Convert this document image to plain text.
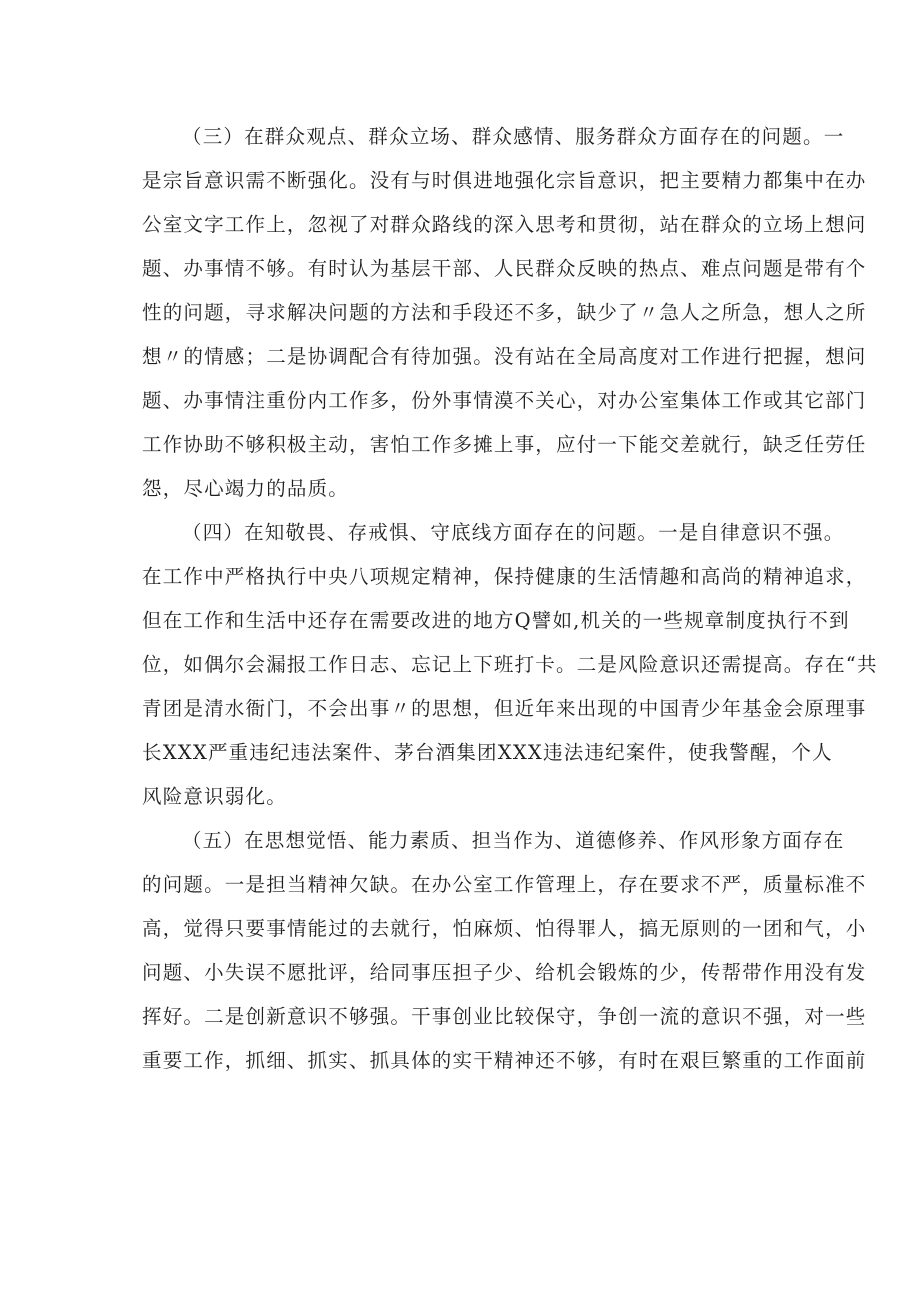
（三）在群众观点、群众立场、群众感情、服务群众方面存在的问题。一
是宗旨意识需不断强化。没有与时俱进地强化宗旨意识，把主要精力都集中在办
公室文字工作上，忽视了对群众路线的深入思考和贯彻，站在群众的立场上想问
题、办事情不够。有时认为基层干部、人民群众反映的热点、难点问题是带有个
性的问题，寻求解决问题的方法和手段还不多，缺少了〃急人之所急，想人之所
想〃的情感；二是协调配合有待加强。没有站在全局高度对工作进行把握，想问
题、办事情注重份内工作多，份外事情漠不关心，对办公室集体工作或其它部门
工作协助不够积极主动，害怕工作多摊上事，应付一下能交差就行，缺乏任劳任
怨，尽心竭力的品质。
（四）在知敬畏、存戒惧、守底线方面存在的问题。一是自律意识不强。
在工作中严格执行中央八项规定精神，保持健康的生活情趣和高尚的精神追求，
但在工作和生活中还存在需要改进的地方Q譬如,机关的一些规章制度执行不到
位，如偶尔会漏报工作日志、忘记上下班打卡。二是风险意识还需提高。存在“共
青团是清水衙门，不会出事〃的思想，但近年来出现的中国青少年基金会原理事
长XXX严重违纪违法案件、茅台酒集团XXX违法违纪案件，使我警醒，个人
风险意识弱化。
（五）在思想觉悟、能力素质、担当作为、道德修养、作风形象方面存在
的问题。一是担当精神欠缺。在办公室工作管理上，存在要求不严，质量标准不
高，觉得只要事情能过的去就行，怕麻烦、怕得罪人，搞无原则的一团和气，小
问题、小失误不愿批评，给同事压担子少、给机会锻炼的少，传帮带作用没有发
挥好。二是创新意识不够强。干事创业比较保守，争创一流的意识不强，对一些
重要工作，抓细、抓实、抓具体的实干精神还不够，有时在艰巨繁重的工作面前
